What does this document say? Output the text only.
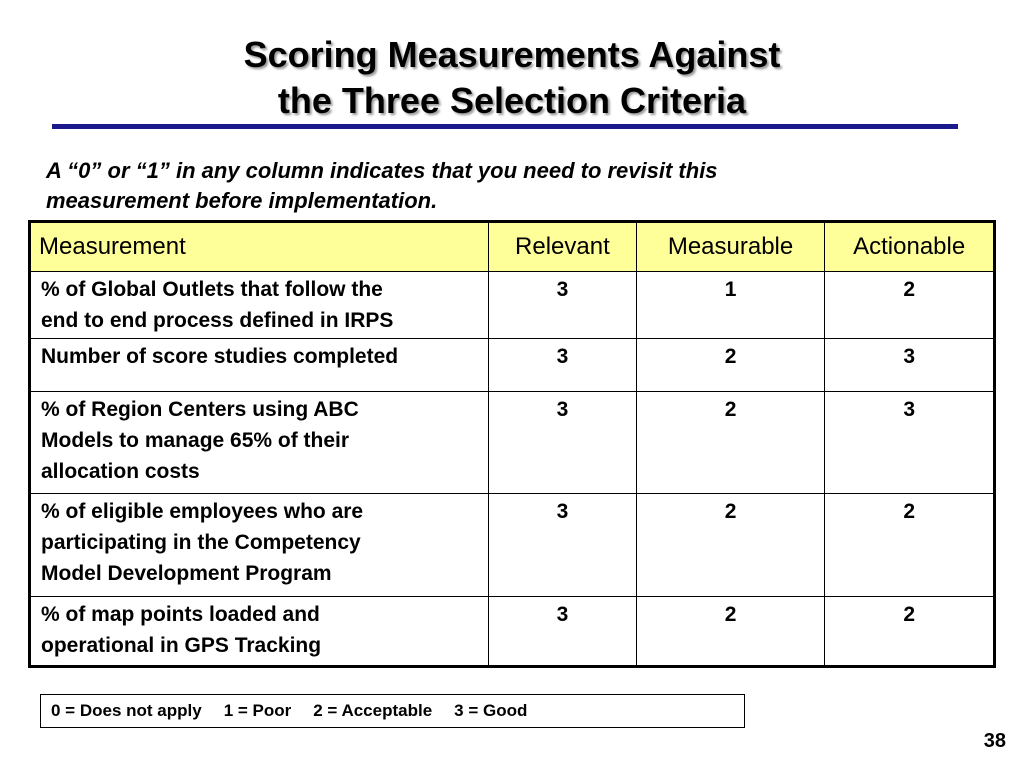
Scoring Measurements Against
the Three Selection Criteria
A “0” or “1” in any column indicates that you need to revisit this
measurement before implementation.
Measurement	Relevant	Measurable	Actionable

% of Global Outlets that follow the
end to end process defined in IRPS	3	1	2

Number of score studies completed	3	2	3

% of Region Centers using ABC
Models to manage 65% of their
allocation costs	3	2	3

% of eligible employees who are
participating in the Competency
Model Development Program	3	2	2

% of map points loaded and
operational in GPS Tracking	3	2	2
0 = Does not apply 1 = Poor 2 = Acceptable 3 = Good
38
